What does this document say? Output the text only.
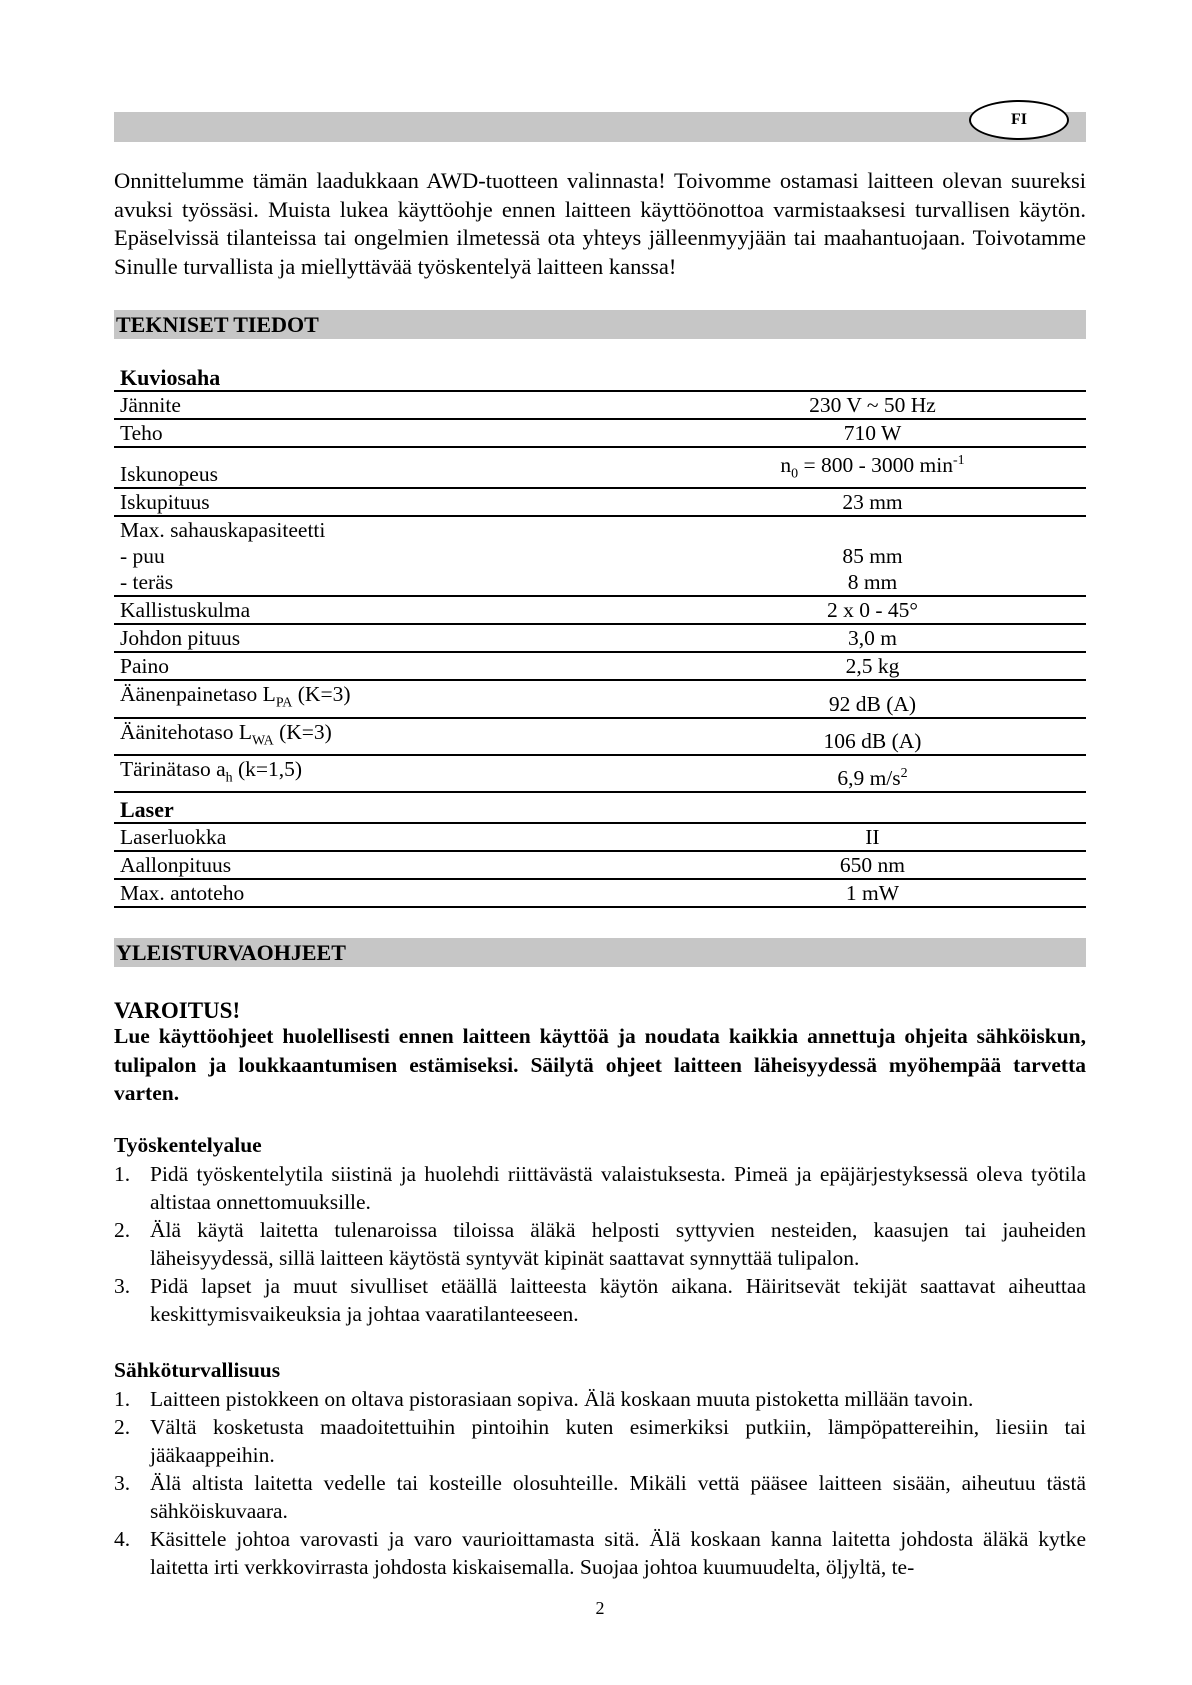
FI

Onnittelumme tämän laadukkaan AWD-tuotteen valinnasta! Toivomme ostamasi laitteen olevan suureksi avuksi työssäsi. Muista lukea käyttöohje ennen laitteen käyttöönottoa varmistaaksesi turvallisen käytön. Epäselvissä tilanteissa tai ongelmien ilmetessä ota yhteys jälleenmyyjään tai maahantuojaan. Toivotamme Sinulle turvallista ja miellyttävää työskentelyä laitteen kanssa!

TEKNISET TIEDOT
Kuviosaha
Jännite	230 V ~ 50 Hz
Teho	710 W
Iskunopeus	$n_0 = 800 - 3000$ $\min^{-1}$
Iskupituus	23 mm
Max. sahauskapasiteetti	
- puu	85 mm
- teräs	8 mm
Kallistuskulma	2 x 0 - 45°
Johdon pituus	3,0 m
Paino	2,5 kg
Äänenpainetaso $L_{PA}$ (K=3)	92 dB (A)
Äänitehotaso $L_{WA}$ (K=3)	106 dB (A)
Tärinätaso $a_h$ (k=1,5)	6,9 $m/s^2$
Laser
Laserluokka	II
Aallonpituus	650 nm
Max. antoteho	1 mW
YLEISTURVAOHJEET
VAROITUS!

Lue käyttöohjeet huolellisesti ennen laitteen käyttöä ja noudata kaikkia annettuja ohjeita sähköiskun, tulipalon ja loukkaantumisen estämiseksi. Säilytä ohjeet laitteen läheisyydessä myöhempää tarvetta varten.

Työskentelyalue
1. Pidä työskentelytila siistinä ja huolehdi riittävästä valaistuksesta. Pimeä ja epäjärjestyksessä oleva työtila altistaa onnettomuuksille.
2. Älä käytä laitetta tulenaroissa tiloissa äläkä helposti syttyvien nesteiden, kaasujen tai jauheiden läheisyydessä, sillä laitteen käytöstä syntyvät kipinät saattavat synnyttää tulipalon.
3. Pidä lapset ja muut sivulliset etäällä laitteesta käytön aikana. Häiritsevät tekijät saattavat aiheuttaa keskittymisvaikeuksia ja johtaa vaaratilanteeseen.
Sähköturvallisuus
1. Laitteen pistokkeen on oltava pistorasiaan sopiva. Älä koskaan muuta pistoketta millään tavoin.
2. Vältä kosketusta maadoitettuihin pintoihin kuten esimerkiksi putkiin, lämpöpattereihin, liesiin tai jääkaappeihin.
3. Älä altista laitetta vedelle tai kosteille olosuhteille. Mikäli vettä pääsee laitteen sisään, aiheutuu tästä sähköiskuvaara.
4. Käsittele johtoa varovasti ja varo vaurioittamasta sitä. Älä koskaan kanna laitetta johdosta äläkä kytke laitetta irti verkkovirrasta johdosta kiskaisemalla. Suojaa johtoa kuumuudelta, öljyltä, te-
2
